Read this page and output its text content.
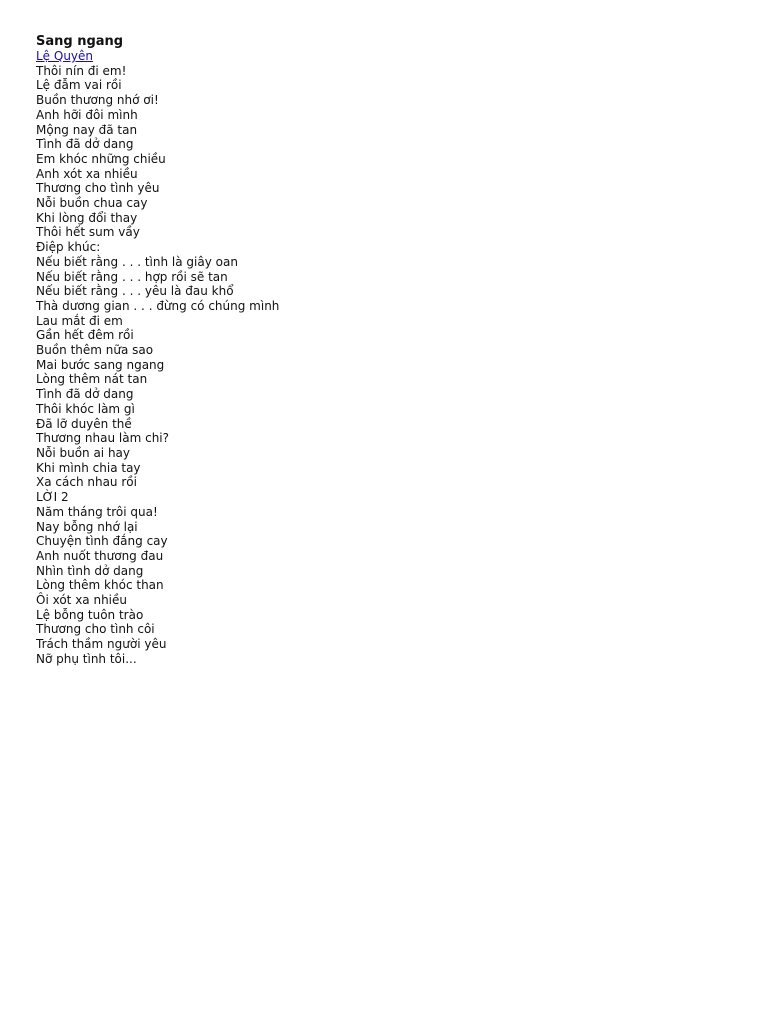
Sang ngang
Lệ Quyên
Thôi nín đi em!
Lệ đẫm vai rồi
Buồn thương nhớ ơi!
Anh hỡi đôi mình
Mộng nay đã tan
Tình đã dở dang
Em khóc những chiều
Anh xót xa nhiều
Thương cho tình yêu
Nỗi buồn chua cay
Khi lòng đổi thay
Thôi hết sum vầy
Điệp khúc:
Nếu biết rằng . . . tình là giây oan
Nếu biết rằng . . . hợp rồi sẽ tan
Nếu biết rằng . . . yêu là đau khổ
Thà dương gian . . . đừng có chúng mình
Lau mắt đi em
Gần hết đêm rồi
Buồn thêm nữa sao
Mai bước sang ngang
Lòng thêm nát tan
Tình đã dở dang
Thôi khóc làm gì
Đã lỡ duyên thề
Thương nhau làm chi?
Nỗi buồn ai hay
Khi mình chia tay
Xa cách nhau rồi
LỜI 2
Năm tháng trôi qua!
Nay bỗng nhớ lại
Chuyện tình đắng cay
Anh nuốt thương đau
Nhìn tình dở dang
Lòng thêm khóc than
Ôi xót xa nhiều
Lệ bỗng tuôn trào
Thương cho tình côi
Trách thầm người yêu
Nỡ phụ tình tôi...
